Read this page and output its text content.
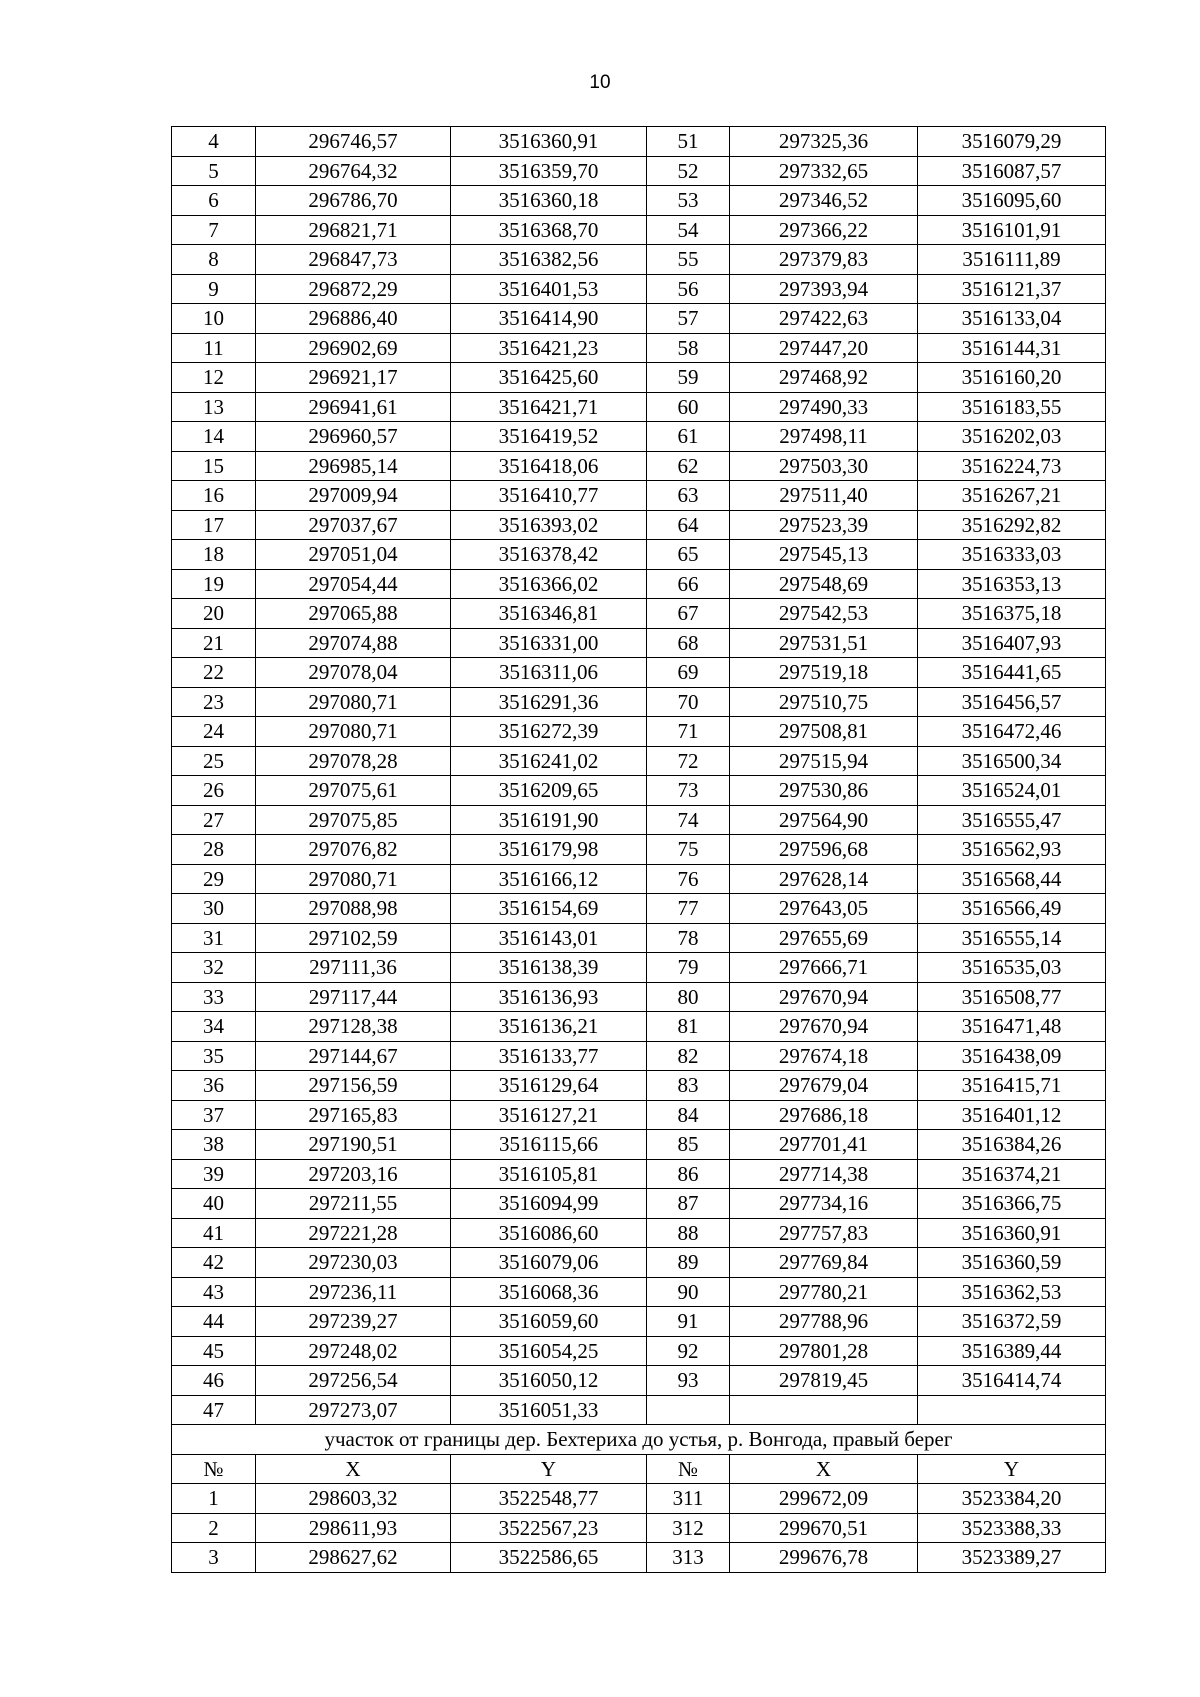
10
4	296746,57	3516360,91	51	297325,36	3516079,29
5	296764,32	3516359,70	52	297332,65	3516087,57
6	296786,70	3516360,18	53	297346,52	3516095,60
7	296821,71	3516368,70	54	297366,22	3516101,91
8	296847,73	3516382,56	55	297379,83	3516111,89
9	296872,29	3516401,53	56	297393,94	3516121,37
10	296886,40	3516414,90	57	297422,63	3516133,04
11	296902,69	3516421,23	58	297447,20	3516144,31
12	296921,17	3516425,60	59	297468,92	3516160,20
13	296941,61	3516421,71	60	297490,33	3516183,55
14	296960,57	3516419,52	61	297498,11	3516202,03
15	296985,14	3516418,06	62	297503,30	3516224,73
16	297009,94	3516410,77	63	297511,40	3516267,21
17	297037,67	3516393,02	64	297523,39	3516292,82
18	297051,04	3516378,42	65	297545,13	3516333,03
19	297054,44	3516366,02	66	297548,69	3516353,13
20	297065,88	3516346,81	67	297542,53	3516375,18
21	297074,88	3516331,00	68	297531,51	3516407,93
22	297078,04	3516311,06	69	297519,18	3516441,65
23	297080,71	3516291,36	70	297510,75	3516456,57
24	297080,71	3516272,39	71	297508,81	3516472,46
25	297078,28	3516241,02	72	297515,94	3516500,34
26	297075,61	3516209,65	73	297530,86	3516524,01
27	297075,85	3516191,90	74	297564,90	3516555,47
28	297076,82	3516179,98	75	297596,68	3516562,93
29	297080,71	3516166,12	76	297628,14	3516568,44
30	297088,98	3516154,69	77	297643,05	3516566,49
31	297102,59	3516143,01	78	297655,69	3516555,14
32	297111,36	3516138,39	79	297666,71	3516535,03
33	297117,44	3516136,93	80	297670,94	3516508,77
34	297128,38	3516136,21	81	297670,94	3516471,48
35	297144,67	3516133,77	82	297674,18	3516438,09
36	297156,59	3516129,64	83	297679,04	3516415,71
37	297165,83	3516127,21	84	297686,18	3516401,12
38	297190,51	3516115,66	85	297701,41	3516384,26
39	297203,16	3516105,81	86	297714,38	3516374,21
40	297211,55	3516094,99	87	297734,16	3516366,75
41	297221,28	3516086,60	88	297757,83	3516360,91
42	297230,03	3516079,06	89	297769,84	3516360,59
43	297236,11	3516068,36	90	297780,21	3516362,53
44	297239,27	3516059,60	91	297788,96	3516372,59
45	297248,02	3516054,25	92	297801,28	3516389,44
46	297256,54	3516050,12	93	297819,45	3516414,74
47	297273,07	3516051,33			
участок от границы дер. Бехтериха до устья, р. Вонгода, правый берег					
№	X	Y	№	X	Y
1	298603,32	3522548,77	311	299672,09	3523384,20
2	298611,93	3522567,23	312	299670,51	3523388,33
3	298627,62	3522586,65	313	299676,78	3523389,27
